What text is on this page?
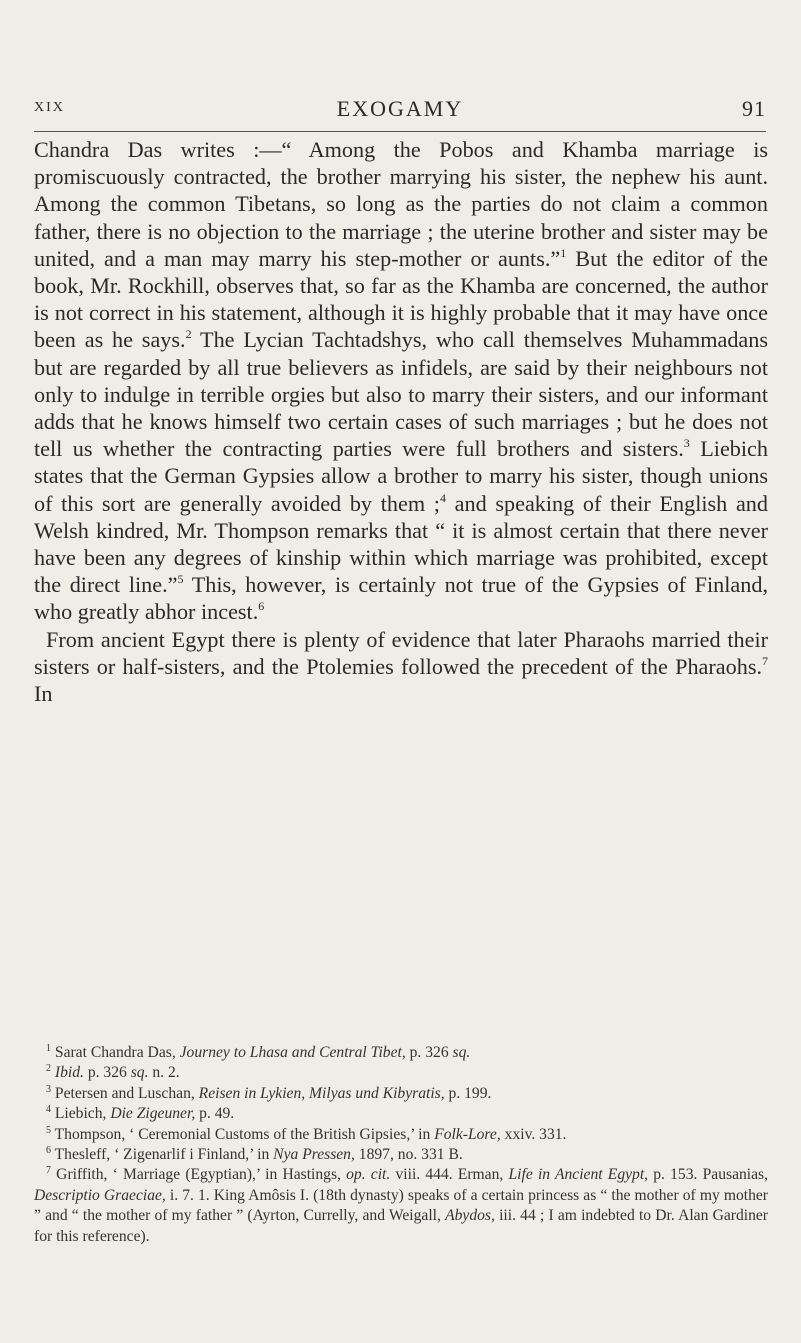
XIX	EXOGAMY	91

Chandra Das writes :—“ Among the Pobos and Khamba marriage is promiscuously contracted, the brother marrying his sister, the nephew his aunt. Among the common Tibetans, so long as the parties do not claim a common father, there is no objection to the marriage ; the uterine brother and sister may be united, and a man may marry his step-mother or aunts.”$^1$ But the editor of the book, Mr. Rockhill, observes that, so far as the Khamba are concerned, the author is not correct in his statement, although it is highly probable that it may have once been as he says.$^2$ The Lycian Tachtadshys, who call themselves Muhammadans but are regarded by all true believers as infidels, are said by their neighbours not only to indulge in terrible orgies but also to marry their sisters, and our informant adds that he knows himself two certain cases of such marriages ; but he does not tell us whether the contracting parties were full brothers and sisters.$^3$ Liebich states that the German Gypsies allow a brother to marry his sister, though unions of this sort are generally avoided by them ;$^4$ and speaking of their English and Welsh kindred, Mr. Thompson remarks that “ it is almost certain that there never have been any degrees of kinship within which marriage was prohibited, except the direct line.”$^5$ This, however, is certainly not true of the Gypsies of Finland, who greatly abhor incest.$^6$

From ancient Egypt there is plenty of evidence that later Pharaohs married their sisters or half-sisters, and the Ptolemies followed the precedent of the Pharaohs.$^7$ In

$^1$ Sarat Chandra Das, Journey to Lhasa and Central Tibet, p. 326 sq.

$^2$ Ibid. p. 326 sq. n. 2.

$^3$ Petersen and Luschan, Reisen in Lykien, Milyas und Kibyratis, p. 199.

$^4$ Liebich, Die Zigeuner, p. 49.

$^5$ Thompson, ‘ Ceremonial Customs of the British Gipsies,’ in Folk-Lore, xxiv. 331.

$^6$ Thesleff, ‘ Zigenarlif i Finland,’ in Nya Pressen, 1897, no. 331 B.

$^7$ Griffith, ‘ Marriage (Egyptian),’ in Hastings, op. cit. viii. 444. Erman, Life in Ancient Egypt, p. 153. Pausanias, Descriptio Graeciae, i. 7. 1. King Amôsis I. (18th dynasty) speaks of a certain princess as “ the mother of my mother ” and “ the mother of my father ” (Ayrton, Currelly, and Weigall, Abydos, iii. 44 ; I am indebted to Dr. Alan Gardiner for this reference).
